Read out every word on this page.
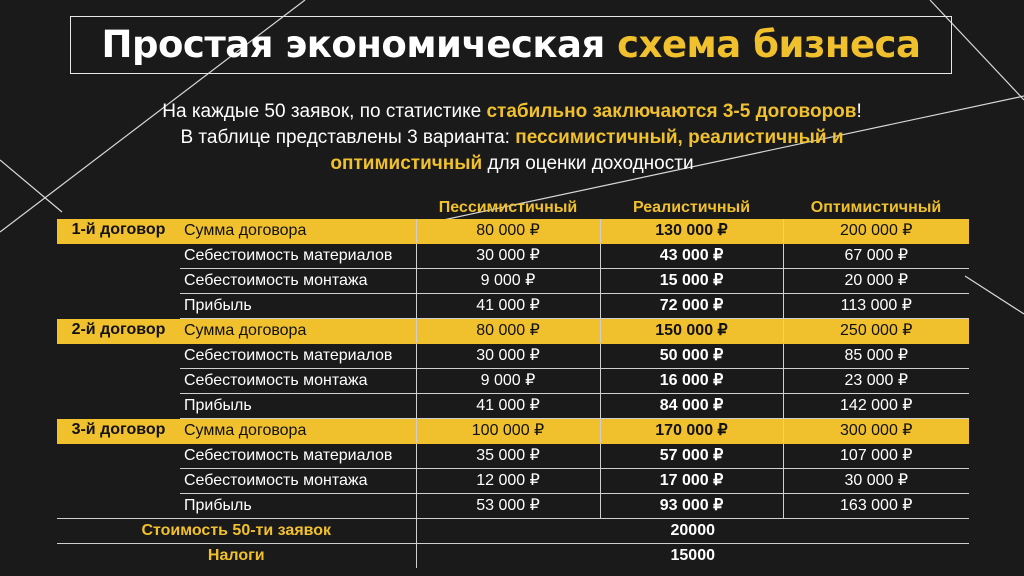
Простая экономическая схема бизнеса
На каждые 50 заявок, по статистике стабильно заключаются 3-5 договоров!
В таблице представлены 3 варианта: пессимистичный, реалистичный и
оптимистичный для оценки доходности
		Пессимистичный	Реалистичный	Оптимистичный
1-й договор	Сумма договора	80 000 ₽	130 000 ₽	200 000 ₽
	Себестоимость материалов	30 000 ₽	43 000 ₽	67 000 ₽
	Себестоимость монтажа	9 000 ₽	15 000 ₽	20 000 ₽
	Прибыль	41 000 ₽	72 000 ₽	113 000 ₽
2-й договор	Сумма договора	80 000 ₽	150 000 ₽	250 000 ₽
	Себестоимость материалов	30 000 ₽	50 000 ₽	85 000 ₽
	Себестоимость монтажа	9 000 ₽	16 000 ₽	23 000 ₽
	Прибыль	41 000 ₽	84 000 ₽	142 000 ₽
3-й договор	Сумма договора	100 000 ₽	170 000 ₽	300 000 ₽
	Себестоимость материалов	35 000 ₽	57 000 ₽	107 000 ₽
	Себестоимость монтажа	12 000 ₽	17 000 ₽	30 000 ₽
	Прибыль	53 000 ₽	93 000 ₽	163 000 ₽
Стоимость 50-ти заявок		20000		
Налоги		15000		
